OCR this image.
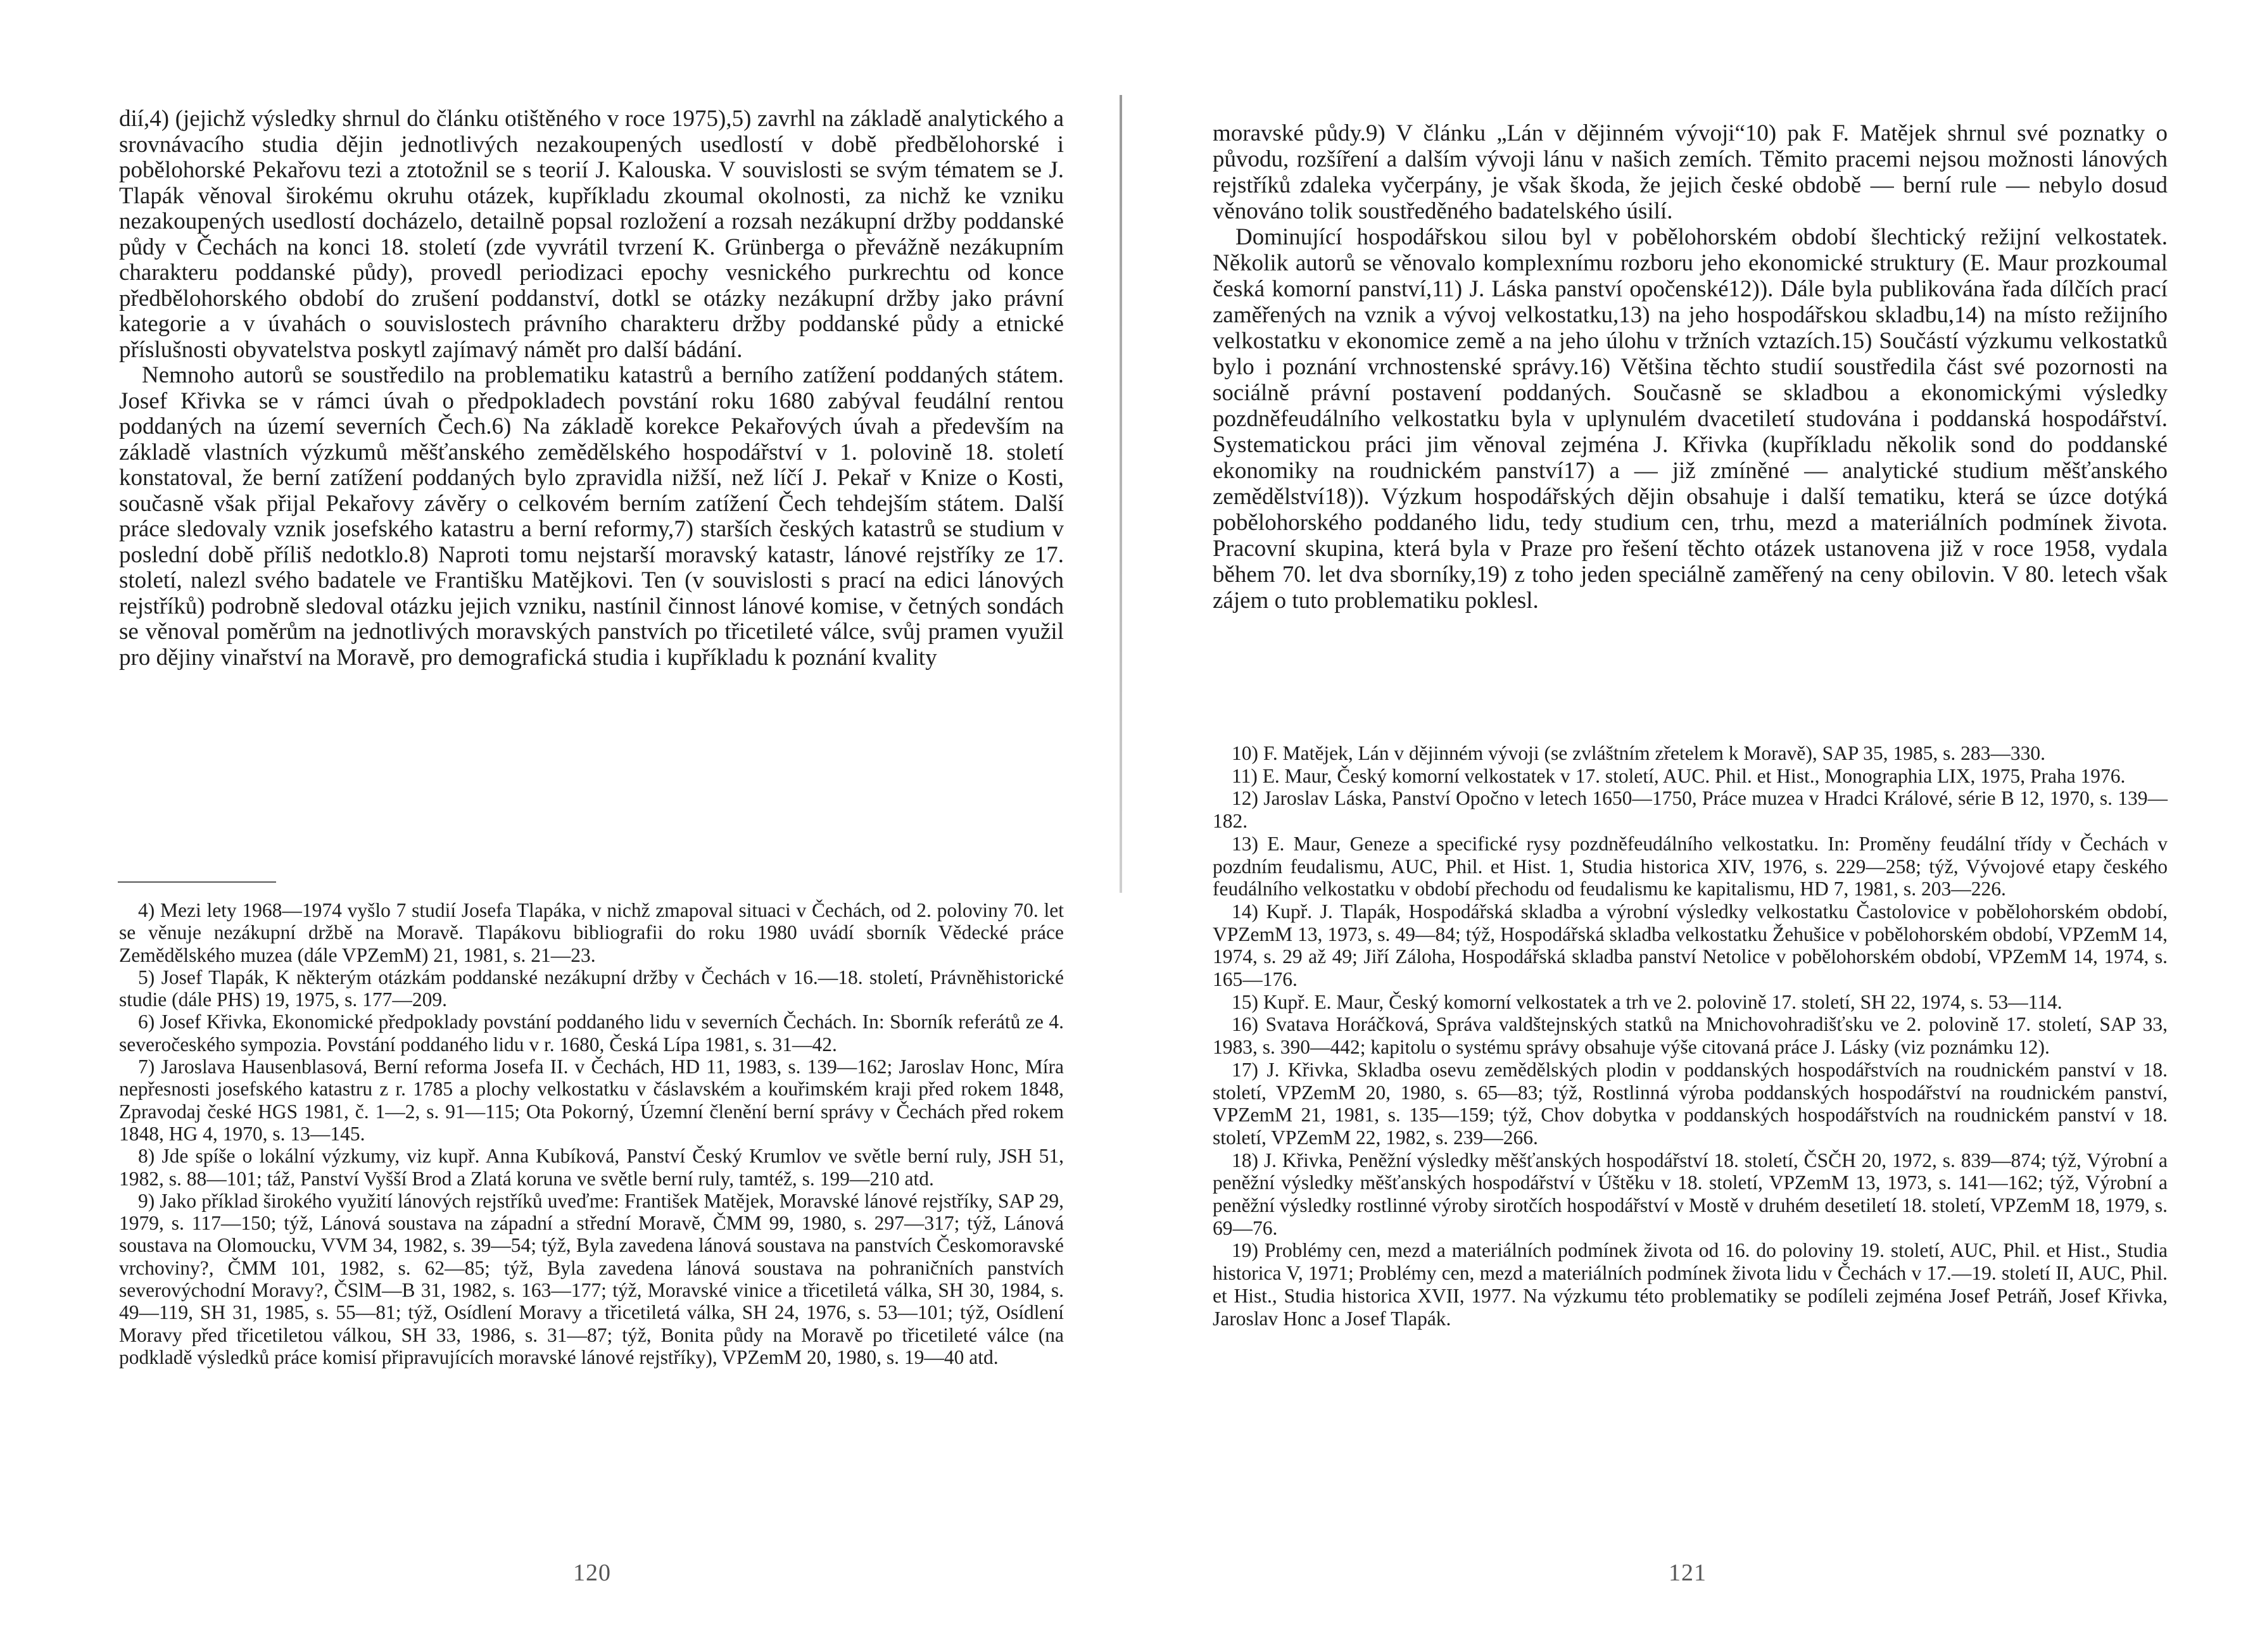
dií,4) (jejichž výsledky shrnul do článku otištěného v roce 1975),5) zavrhl na základě analytického a srovnávacího studia dějin jednotlivých nezakoupených usedlostí v době předbělohorské i pobělohorské Pekařovu tezi a ztotožnil se s teorií J. Kalouska. V souvislosti se svým tématem se J. Tlapák věnoval širokému okruhu otázek, kupříkladu zkoumal okolnosti, za nichž ke vzniku nezakoupených usedlostí docházelo, detailně popsal rozložení a rozsah nezákupní držby poddanské půdy v Čechách na konci 18. století (zde vyvrátil tvrzení K. Grünberga o převážně nezákupním charakteru poddanské půdy), provedl periodizaci epochy vesnického purkrechtu od konce předbělohorského období do zrušení poddanství, dotkl se otázky nezákupní držby jako právní kategorie a v úvahách o souvislostech právního charakteru držby poddanské půdy a etnické příslušnosti obyvatelstva poskytl zajímavý námět pro další bádání.

Nemnoho autorů se soustředilo na problematiku katastrů a berního zatížení poddaných státem. Josef Křivka se v rámci úvah o předpokladech povstání roku 1680 zabýval feudální rentou poddaných na území severních Čech.6) Na základě korekce Pekařových úvah a především na základě vlastních výzkumů měšťanského zemědělského hospodářství v 1. polovině 18. století konstatoval, že berní zatížení poddaných bylo zpravidla nižší, než líčí J. Pekař v Knize o Kosti, současně však přijal Pekařovy závěry o celkovém berním zatížení Čech tehdejším státem. Další práce sledovaly vznik josefského katastru a berní reformy,7) starších českých katastrů se studium v poslední době příliš nedotklo.8) Naproti tomu nejstarší moravský katastr, lánové rejstříky ze 17. století, nalezl svého badatele ve Františku Matějkovi. Ten (v souvislosti s prací na edici lánových rejstříků) podrobně sledoval otázku jejich vzniku, nastínil činnost lánové komise, v četných sondách se věnoval poměrům na jednotlivých moravských panstvích po třicetileté válce, svůj pramen využil pro dějiny vinařství na Moravě, pro demografická studia i kupříkladu k poznání kvality

4) Mezi lety 1968—1974 vyšlo 7 studií Josefa Tlapáka, v nichž zmapoval situaci v Čechách, od 2. poloviny 70. let se věnuje nezákupní držbě na Moravě. Tlapákovu bibliografii do roku 1980 uvádí sborník Vědecké práce Zemědělského muzea (dále VPZemM) 21, 1981, s. 21—23.

5) Josef Tlapák, K některým otázkám poddanské nezákupní držby v Čechách v 16.—18. století, Právněhistorické studie (dále PHS) 19, 1975, s. 177—209.

6) Josef Křivka, Ekonomické předpoklady povstání poddaného lidu v severních Čechách. In: Sborník referátů ze 4. severočeského sympozia. Povstání poddaného lidu v r. 1680, Česká Lípa 1981, s. 31—42.

7) Jaroslava Hausenblasová, Berní reforma Josefa II. v Čechách, HD 11, 1983, s. 139—162; Jaroslav Honc, Míra nepřesnosti josefského katastru z r. 1785 a plochy velkostatku v čáslavském a kouřimském kraji před rokem 1848, Zpravodaj české HGS 1981, č. 1—2, s. 91—115; Ota Pokorný, Územní členění berní správy v Čechách před rokem 1848, HG 4, 1970, s. 13—145.

8) Jde spíše o lokální výzkumy, viz kupř. Anna Kubíková, Panství Český Krumlov ve světle berní ruly, JSH 51, 1982, s. 88—101; táž, Panství Vyšší Brod a Zlatá koruna ve světle berní ruly, tamtéž, s. 199—210 atd.

9) Jako příklad širokého využití lánových rejstříků uveďme: František Matějek, Moravské lánové rejstříky, SAP 29, 1979, s. 117—150; týž, Lánová soustava na západní a střední Moravě, ČMM 99, 1980, s. 297—317; týž, Lánová soustava na Olomoucku, VVM 34, 1982, s. 39—54; týž, Byla zavedena lánová soustava na panstvích Českomoravské vrchoviny?, ČMM 101, 1982, s. 62—85; týž, Byla zavedena lánová soustava na pohraničních panstvích severovýchodní Moravy?, ČSlM—B 31, 1982, s. 163—177; týž, Moravské vinice a třicetiletá válka, SH 30, 1984, s. 49—119, SH 31, 1985, s. 55—81; týž, Osídlení Moravy a třicetiletá válka, SH 24, 1976, s. 53—101; týž, Osídlení Moravy před třicetiletou válkou, SH 33, 1986, s. 31—87; týž, Bonita půdy na Moravě po třicetileté válce (na podkladě výsledků práce komisí připravujících moravské lánové rejstříky), VPZemM 20, 1980, s. 19—40 atd.

120

moravské půdy.9) V článku „Lán v dějinném vývoji“10) pak F. Matějek shrnul své poznatky o původu, rozšíření a dalším vývoji lánu v našich zemích. Těmito pracemi nejsou možnosti lánových rejstříků zdaleka vyčerpány, je však škoda, že jejich české obdobě — berní rule — nebylo dosud věnováno tolik soustředěného badatelského úsilí.

Dominující hospodářskou silou byl v pobělohorském období šlechtický režijní velkostatek. Několik autorů se věnovalo komplexnímu rozboru jeho ekonomické struktury (E. Maur prozkoumal česká komorní panství,11) J. Láska panství opočenské12)). Dále byla publikována řada dílčích prací zaměřených na vznik a vývoj velkostatku,13) na jeho hospodářskou skladbu,14) na místo režijního velkostatku v ekonomice země a na jeho úlohu v tržních vztazích.15) Součástí výzkumu velkostatků bylo i poznání vrchnostenské správy.16) Většina těchto studií soustředila část své pozornosti na sociálně právní postavení poddaných. Současně se skladbou a ekonomickými výsledky pozdněfeudálního velkostatku byla v uplynulém dvacetiletí studována i poddanská hospodářství. Systematickou práci jim věnoval zejména J. Křivka (kupříkladu několik sond do poddanské ekonomiky na roudnickém panství17) a — již zmíněné — analytické studium měšťanského zemědělství18)). Výzkum hospodářských dějin obsahuje i další tematiku, která se úzce dotýká pobělohorského poddaného lidu, tedy studium cen, trhu, mezd a materiálních podmínek života. Pracovní skupina, která byla v Praze pro řešení těchto otázek ustanovena již v roce 1958, vydala během 70. let dva sborníky,19) z toho jeden speciálně zaměřený na ceny obilovin. V 80. letech však zájem o tuto problematiku poklesl.

10) F. Matějek, Lán v dějinném vývoji (se zvláštním zřetelem k Moravě), SAP 35, 1985, s. 283—330.

11) E. Maur, Český komorní velkostatek v 17. století, AUC. Phil. et Hist., Monographia LIX, 1975, Praha 1976.

12) Jaroslav Láska, Panství Opočno v letech 1650—1750, Práce muzea v Hradci Králové, série B 12, 1970, s. 139—182.

13) E. Maur, Geneze a specifické rysy pozdněfeudálního velkostatku. In: Proměny feudální třídy v Čechách v pozdním feudalismu, AUC, Phil. et Hist. 1, Studia historica XIV, 1976, s. 229—258; týž, Vývojové etapy českého feudálního velkostatku v období přechodu od feudalismu ke kapitalismu, HD 7, 1981, s. 203—226.

14) Kupř. J. Tlapák, Hospodářská skladba a výrobní výsledky velkostatku Častolovice v pobělohorském období, VPZemM 13, 1973, s. 49—84; týž, Hospodářská skladba velkostatku Žehušice v pobělohorském období, VPZemM 14, 1974, s. 29 až 49; Jiří Záloha, Hospodářská skladba panství Netolice v pobělohorském období, VPZemM 14, 1974, s. 165—176.

15) Kupř. E. Maur, Český komorní velkostatek a trh ve 2. polovině 17. století, SH 22, 1974, s. 53—114.

16) Svatava Horáčková, Správa valdštejnských statků na Mnichovohradišťsku ve 2. polovině 17. století, SAP 33, 1983, s. 390—442; kapitolu o systému správy obsahuje výše citovaná práce J. Lásky (viz poznámku 12).

17) J. Křivka, Skladba osevu zemědělských plodin v poddanských hospodářstvích na roudnickém panství v 18. století, VPZemM 20, 1980, s. 65—83; týž, Rostlinná výroba poddanských hospodářství na roudnickém panství, VPZemM 21, 1981, s. 135—159; týž, Chov dobytka v poddanských hospodářstvích na roudnickém panství v 18. století, VPZemM 22, 1982, s. 239—266.

18) J. Křivka, Peněžní výsledky měšťanských hospodářství 18. století, ČSČH 20, 1972, s. 839—874; týž, Výrobní a peněžní výsledky měšťanských hospodářství v Úštěku v 18. století, VPZemM 13, 1973, s. 141—162; týž, Výrobní a peněžní výsledky rostlinné výroby sirotčích hospodářství v Mostě v druhém desetiletí 18. století, VPZemM 18, 1979, s. 69—76.

19) Problémy cen, mezd a materiálních podmínek života od 16. do poloviny 19. století, AUC, Phil. et Hist., Studia historica V, 1971; Problémy cen, mezd a materiálních podmínek života lidu v Čechách v 17.—19. století II, AUC, Phil. et Hist., Studia historica XVII, 1977. Na výzkumu této problematiky se podíleli zejména Josef Petráň, Josef Křivka, Jaroslav Honc a Josef Tlapák.

121
